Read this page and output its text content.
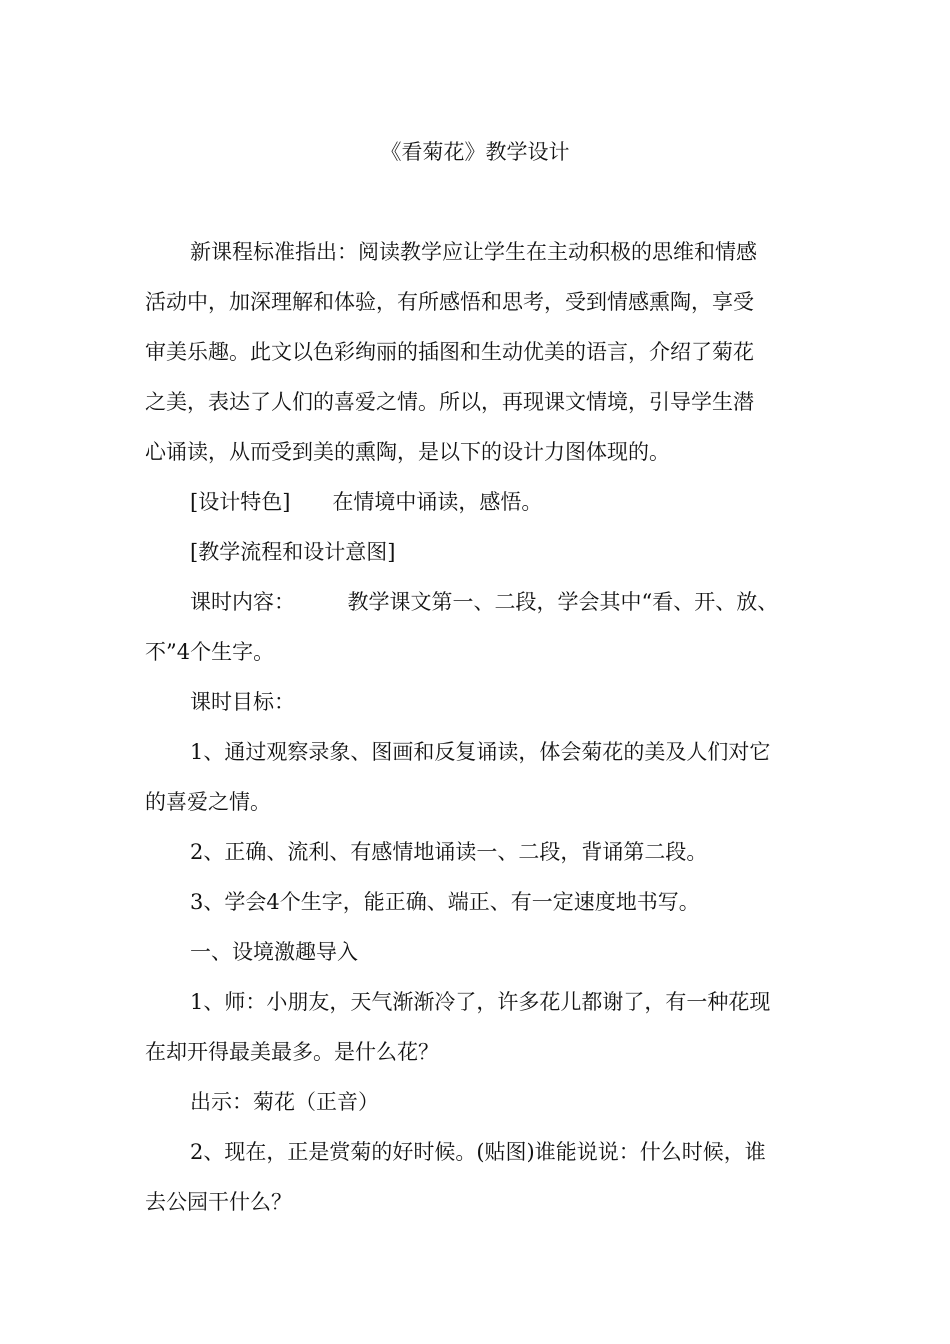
《看菊花》教学设计
新课程标准指出：阅读教学应让学生在主动积极的思维和情感
活动中，加深理解和体验，有所感悟和思考，受到情感熏陶，享受
审美乐趣。此文以色彩绚丽的插图和生动优美的语言，介绍了菊花
之美，表达了人们的喜爱之情。所以，再现课文情境，引导学生潜
心诵读，从而受到美的熏陶，是以下的设计力图体现的。
[设计特色]　　在情境中诵读，感悟。
[教学流程和设计意图]
课时内容：　　　教学课文第一、二段，学会其中“看、开、放、
不”4个生字。
课时目标：
1、通过观察录象、图画和反复诵读，体会菊花的美及人们对它
的喜爱之情。
2、正确、流利、有感情地诵读一、二段，背诵第二段。
3、学会4个生字，能正确、端正、有一定速度地书写。
一、设境激趣导入
1、师：小朋友，天气渐渐冷了，许多花儿都谢了，有一种花现
在却开得最美最多。是什么花？
出示：菊花（正音）
2、现在，正是赏菊的好时候。(贴图)谁能说说：什么时候，谁
去公园干什么？
